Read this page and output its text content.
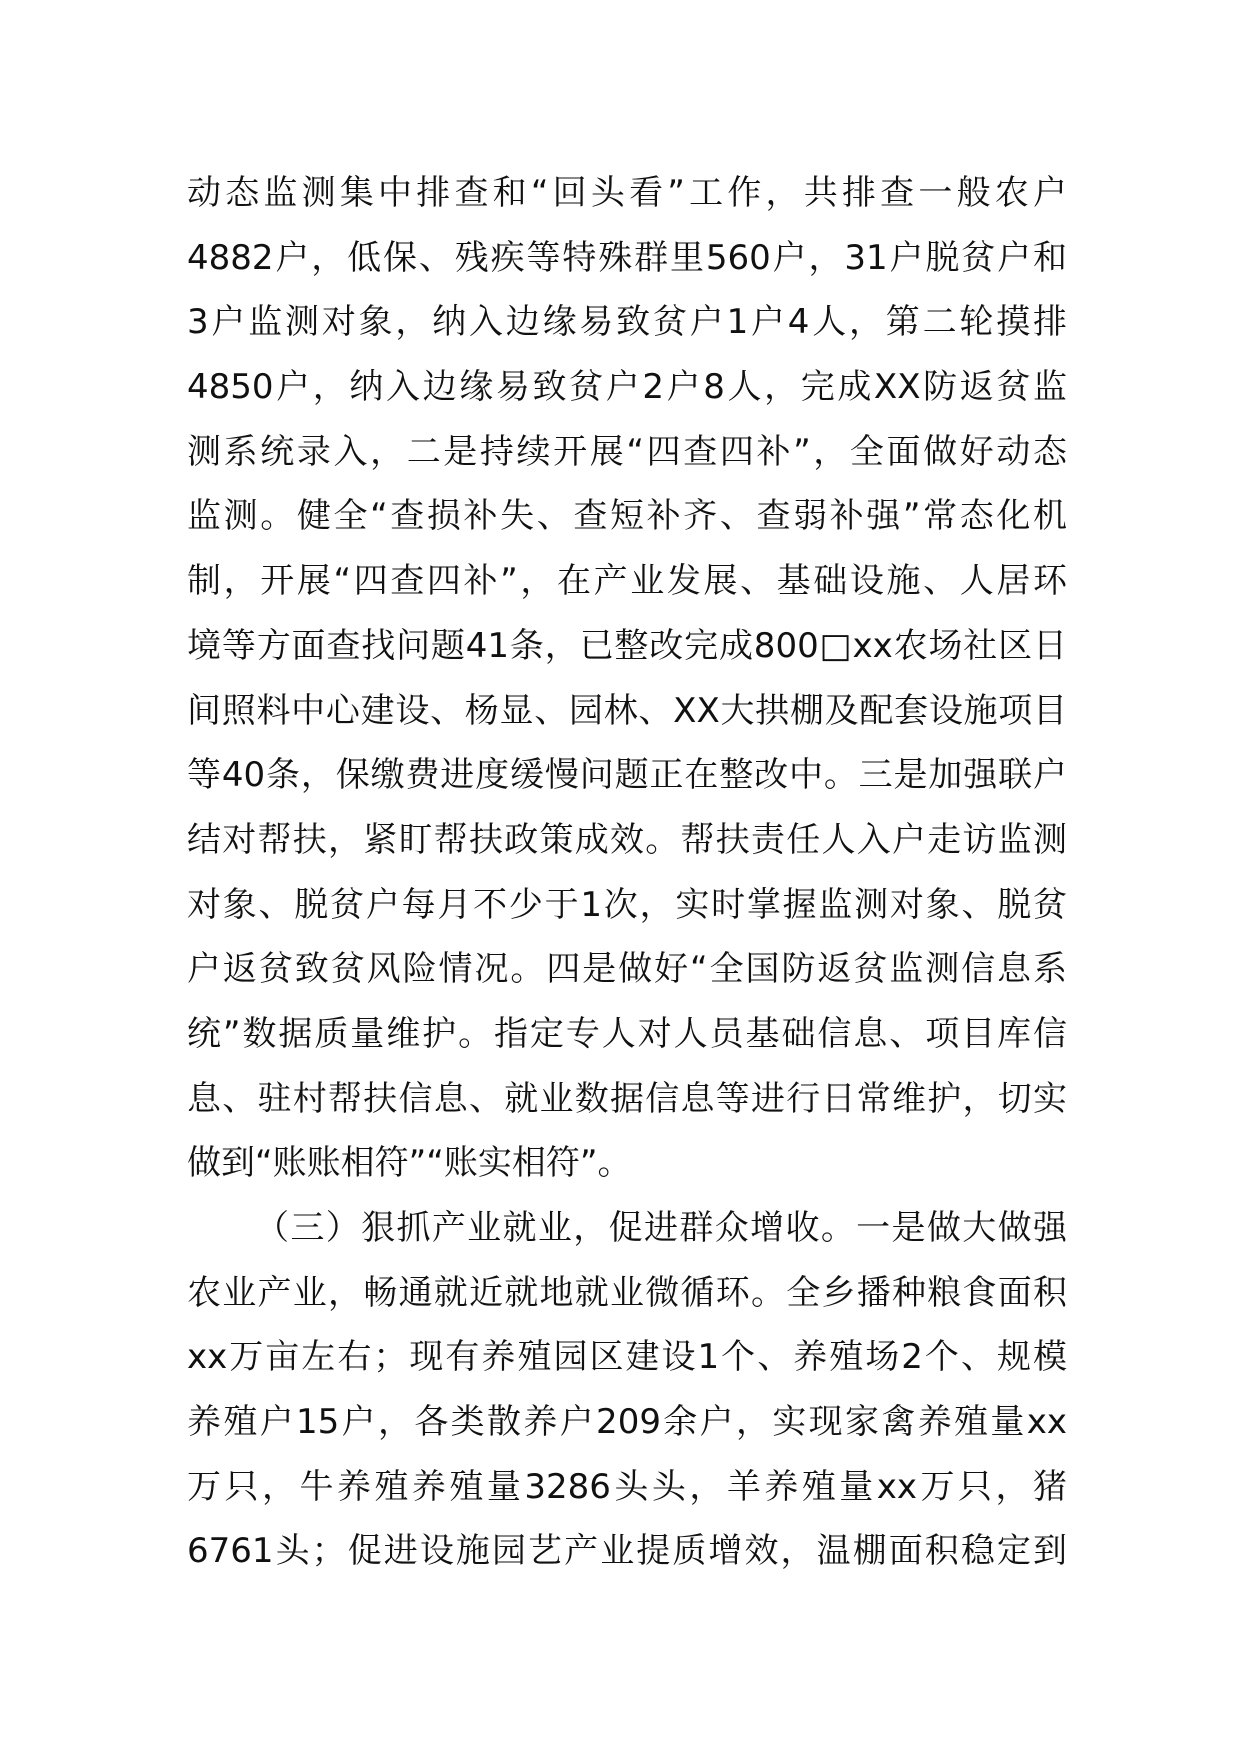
动态监测集中排查和“回头看”工作，共排查一般农户
4882户，低保、残疾等特殊群里560户，31户脱贫户和
3户监测对象，纳入边缘易致贫户1户4人，第二轮摸排
4850户，纳入边缘易致贫户2户8人，完成XX防返贫监
测系统录入，二是持续开展“四查四补”，全面做好动态
监测。健全“查损补失、查短补齐、查弱补强”常态化机
制，开展“四查四补”，在产业发展、基础设施、人居环
境等方面查找问题41条，已整改完成800□xx农场社区日
间照料中心建设、杨显、园林、XX大拱棚及配套设施项目
等40条，保缴费进度缓慢问题正在整改中。三是加强联户
结对帮扶，紧盯帮扶政策成效。帮扶责任人入户走访监测
对象、脱贫户每月不少于1次，实时掌握监测对象、脱贫
户返贫致贫风险情况。四是做好“全国防返贫监测信息系
统”数据质量维护。指定专人对人员基础信息、项目库信
息、驻村帮扶信息、就业数据信息等进行日常维护，切实
做到“账账相符”“账实相符”。
（三）狠抓产业就业，促进群众增收。一是做大做强
农业产业，畅通就近就地就业微循环。全乡播种粮食面积
xx万亩左右；现有养殖园区建设1个、养殖场2个、规模
养殖户15户，各类散养户209余户，实现家禽养殖量xx
万只，牛养殖养殖量3286头头，羊养殖量xx万只，猪
6761头；促进设施园艺产业提质增效，温棚面积稳定到
